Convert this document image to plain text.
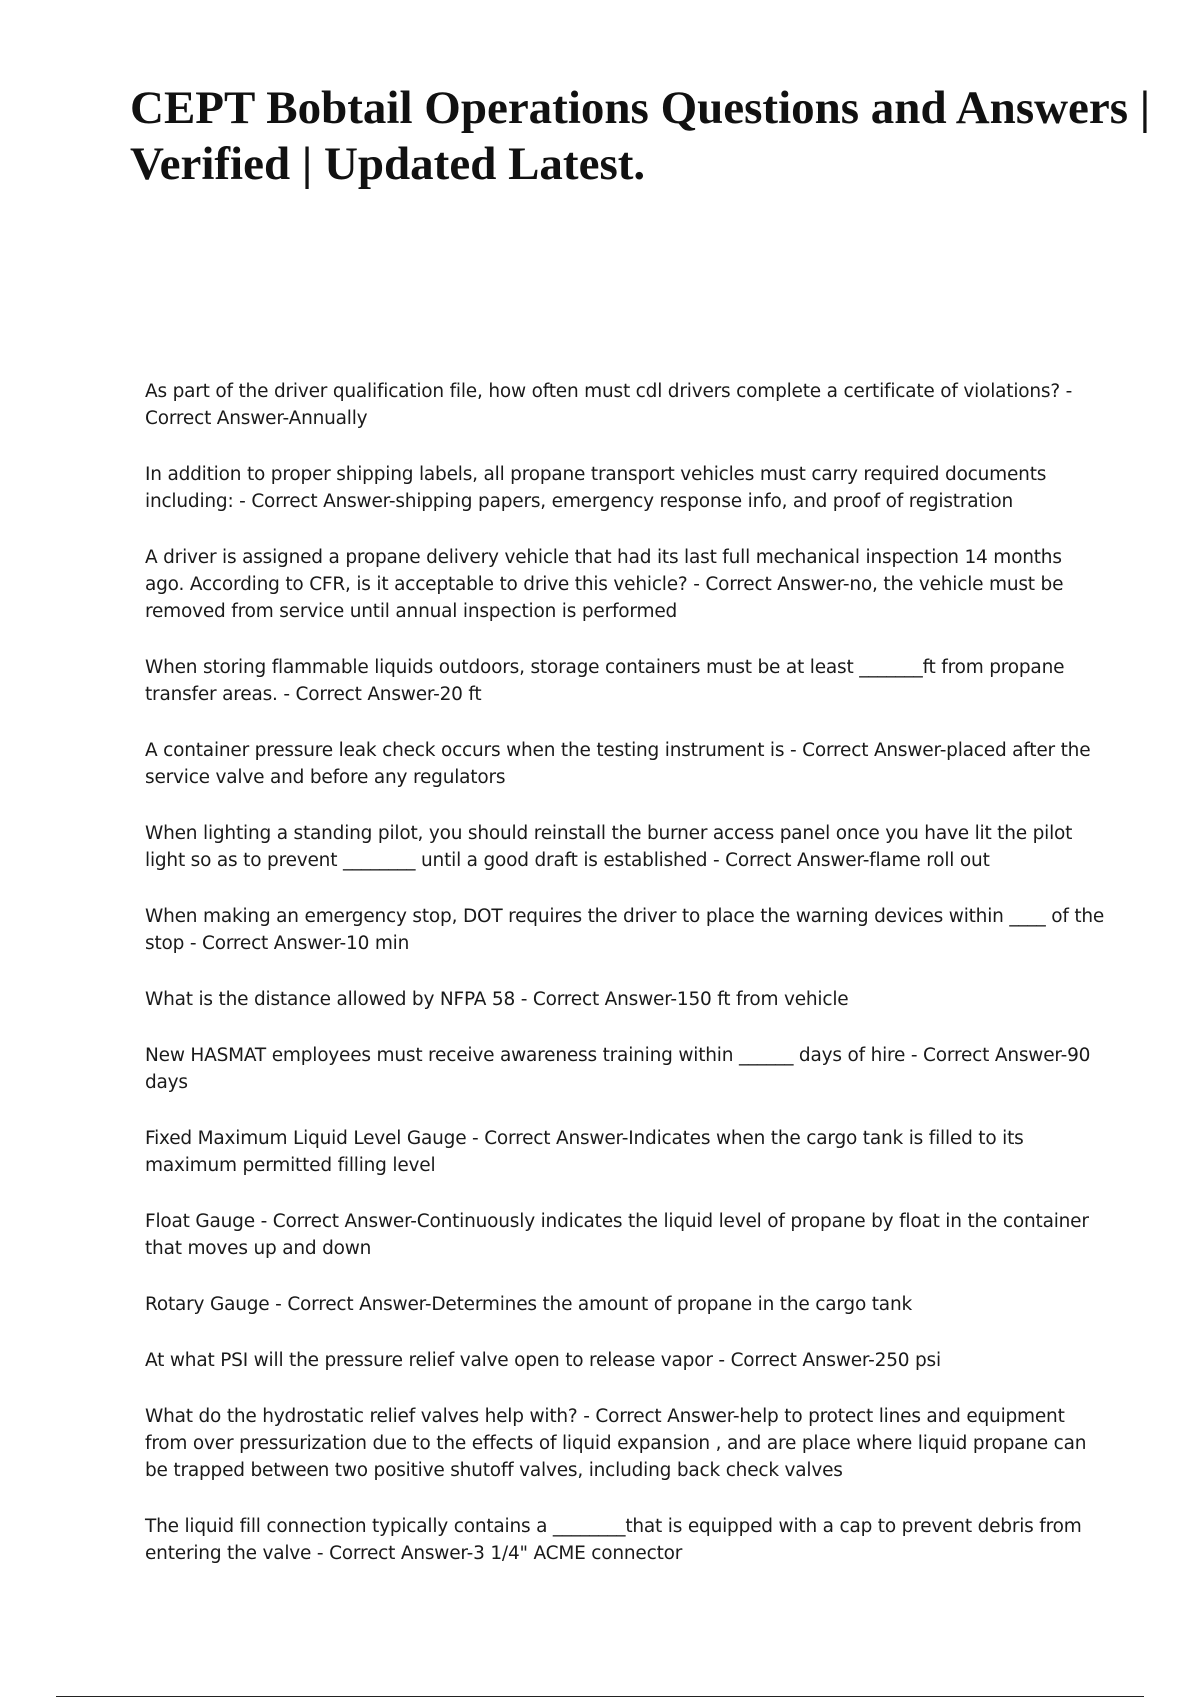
CEPT Bobtail Operations Questions and Answers | Verified | Updated Latest.
As part of the driver qualification file, how often must cdl drivers complete a certificate of violations? - Correct Answer-Annually
In addition to proper shipping labels, all propane transport vehicles must carry required documents including: - Correct Answer-shipping papers, emergency response info, and proof of registration
A driver is assigned a propane delivery vehicle that had its last full mechanical inspection 14 months ago. According to CFR, is it acceptable to drive this vehicle? - Correct Answer-no, the vehicle must be removed from service until annual inspection is performed
When storing flammable liquids outdoors, storage containers must be at least _______ft from propane transfer areas. - Correct Answer-20 ft
A container pressure leak check occurs when the testing instrument is - Correct Answer-placed after the service valve and before any regulators
When lighting a standing pilot, you should reinstall the burner access panel once you have lit the pilot light so as to prevent ________ until a good draft is established - Correct Answer-flame roll out
When making an emergency stop, DOT requires the driver to place the warning devices within ____ of the stop - Correct Answer-10 min
What is the distance allowed by NFPA 58 - Correct Answer-150 ft from vehicle
New HASMAT employees must receive awareness training within ______ days of hire - Correct Answer-90 days
Fixed Maximum Liquid Level Gauge - Correct Answer-Indicates when the cargo tank is filled to its maximum permitted filling level
Float Gauge - Correct Answer-Continuously indicates the liquid level of propane by float in the container that moves up and down
Rotary Gauge - Correct Answer-Determines the amount of propane in the cargo tank
At what PSI will the pressure relief valve open to release vapor - Correct Answer-250 psi
What do the hydrostatic relief valves help with? - Correct Answer-help to protect lines and equipment from over pressurization due to the effects of liquid expansion , and are place where liquid propane can be trapped between two positive shutoff valves, including back check valves
The liquid fill connection typically contains a ________that is equipped with a cap to prevent debris from entering the valve - Correct Answer-3 1/4" ACME connector
